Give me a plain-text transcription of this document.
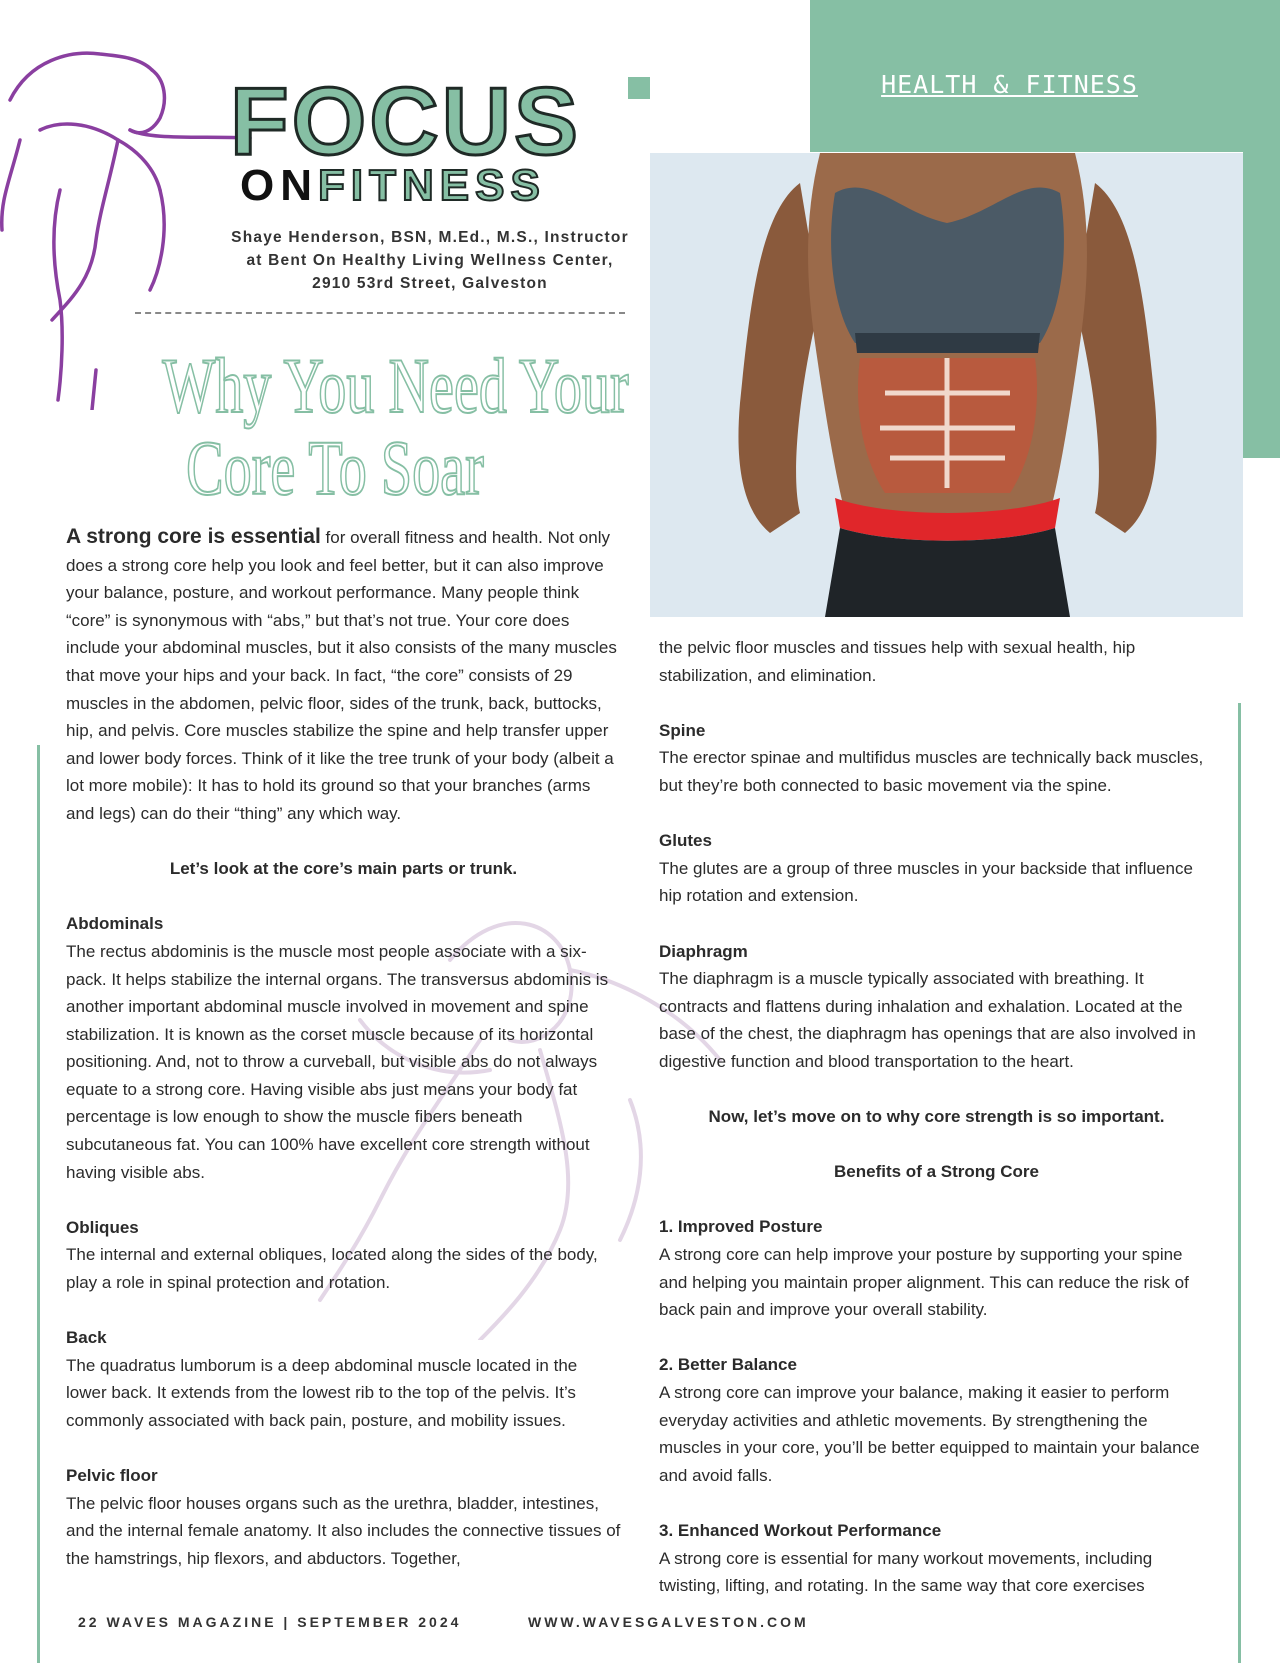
HEALTH & FITNESS
FOCUS
ONFITNESS
Shaye Henderson, BSN, M.Ed., M.S., Instructor
at Bent On Healthy Living Wellness Center,
2910 53rd Street, Galveston
Why You Need Your
Core To Soar

A strong core is essential for overall fitness and health. Not only does a strong core help you look and feel better, but it can also improve your balance, posture, and workout performance. Many people think “core” is synonymous with “abs,” but that’s not true. Your core does include your abdominal muscles, but it also consists of the many muscles that move your hips and your back. In fact, “the core” consists of 29 muscles in the abdomen, pelvic floor, sides of the trunk, back, buttocks, hip, and pelvis. Core muscles stabilize the spine and help transfer upper and lower body forces. Think of it like the tree trunk of your body (albeit a lot more mobile): It has to hold its ground so that your branches (arms and legs) can do their “thing” any which way.

Let’s look at the core’s main parts or trunk.

Abdominals
The rectus abdominis is the muscle most people associate with a six-pack. It helps stabilize the internal organs. The transversus abdominis is another important abdominal muscle involved in movement and spine stabilization. It is known as the corset muscle because of its horizontal positioning. And, not to throw a curveball, but visible abs do not always equate to a strong core. Having visible abs just means your body fat percentage is low enough to show the muscle fibers beneath subcutaneous fat. You can 100% have excellent core strength without having visible abs.

Obliques
The internal and external obliques, located along the sides of the body, play a role in spinal protection and rotation.

Back
The quadratus lumborum is a deep abdominal muscle located in the lower back. It extends from the lowest rib to the top of the pelvis. It’s commonly associated with back pain, posture, and mobility issues.

Pelvic floor
The pelvic floor houses organs such as the urethra, bladder, intestines, and the internal female anatomy. It also includes the connective tissues of the hamstrings, hip flexors, and abductors. Together,

the pelvic floor muscles and tissues help with sexual health, hip stabilization, and elimination.

Spine
The erector spinae and multifidus muscles are technically back muscles, but they’re both connected to basic movement via the spine.

Glutes
The glutes are a group of three muscles in your backside that influence hip rotation and extension.

Diaphragm
The diaphragm is a muscle typically associated with breathing. It contracts and flattens during inhalation and exhalation. Located at the base of the chest, the diaphragm has openings that are also involved in digestive function and blood transportation to the heart.

Now, let’s move on to why core strength is so important.

Benefits of a Strong Core

1. Improved Posture
A strong core can help improve your posture by supporting your spine and helping you maintain proper alignment. This can reduce the risk of back pain and improve your overall stability.

2. Better Balance
A strong core can improve your balance, making it easier to perform everyday activities and athletic movements. By strengthening the muscles in your core, you’ll be better equipped to maintain your balance and avoid falls.

3. Enhanced Workout Performance
A strong core is essential for many workout movements, including twisting, lifting, and rotating. In the same way that core exercises

22 WAVES MAGAZINE | SEPTEMBER 2024	WWW.WAVESGALVESTON.COM
